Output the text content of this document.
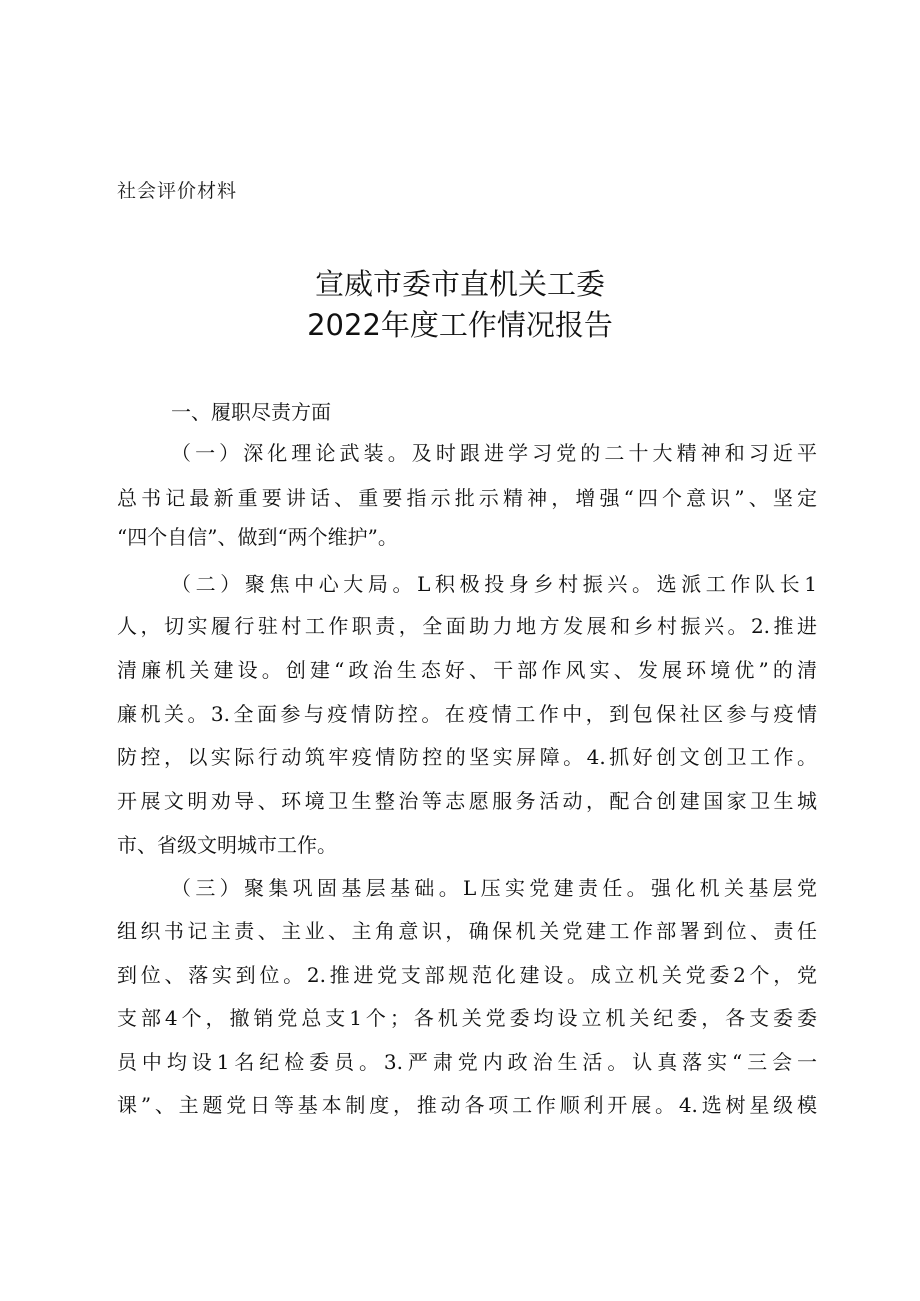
社会评价材料
宣威市委市直机关工委
2022年度工作情况报告
一、履职尽责方面
（一）深化理论武装。及时跟进学习党的二十大精神和习近平
总书记最新重要讲话、重要指示批示精神，增强“四个意识”、坚定
“四个自信”、做到“两个维护”。
（二）聚焦中心大局。L积极投身乡村振兴。选派工作队长1
人，切实履行驻村工作职责，全面助力地方发展和乡村振兴。2.推进
清廉机关建设。创建“政治生态好、干部作风实、发展环境优”的清
廉机关。3.全面参与疫情防控。在疫情工作中，到包保社区参与疫情
防控，以实际行动筑牢疫情防控的坚实屏障。4.抓好创文创卫工作。
开展文明劝导、环境卫生整治等志愿服务活动，配合创建国家卫生城
市、省级文明城市工作。
（三）聚集巩固基层基础。L压实党建责任。强化机关基层党
组织书记主责、主业、主角意识，确保机关党建工作部署到位、责任
到位、落实到位。2.推进党支部规范化建设。成立机关党委2个，党
支部4个，撤销党总支1个；各机关党委均设立机关纪委，各支委委
员中均设1名纪检委员。3.严肃党内政治生活。认真落实“三会一
课”、主题党日等基本制度，推动各项工作顺利开展。4.选树星级模
